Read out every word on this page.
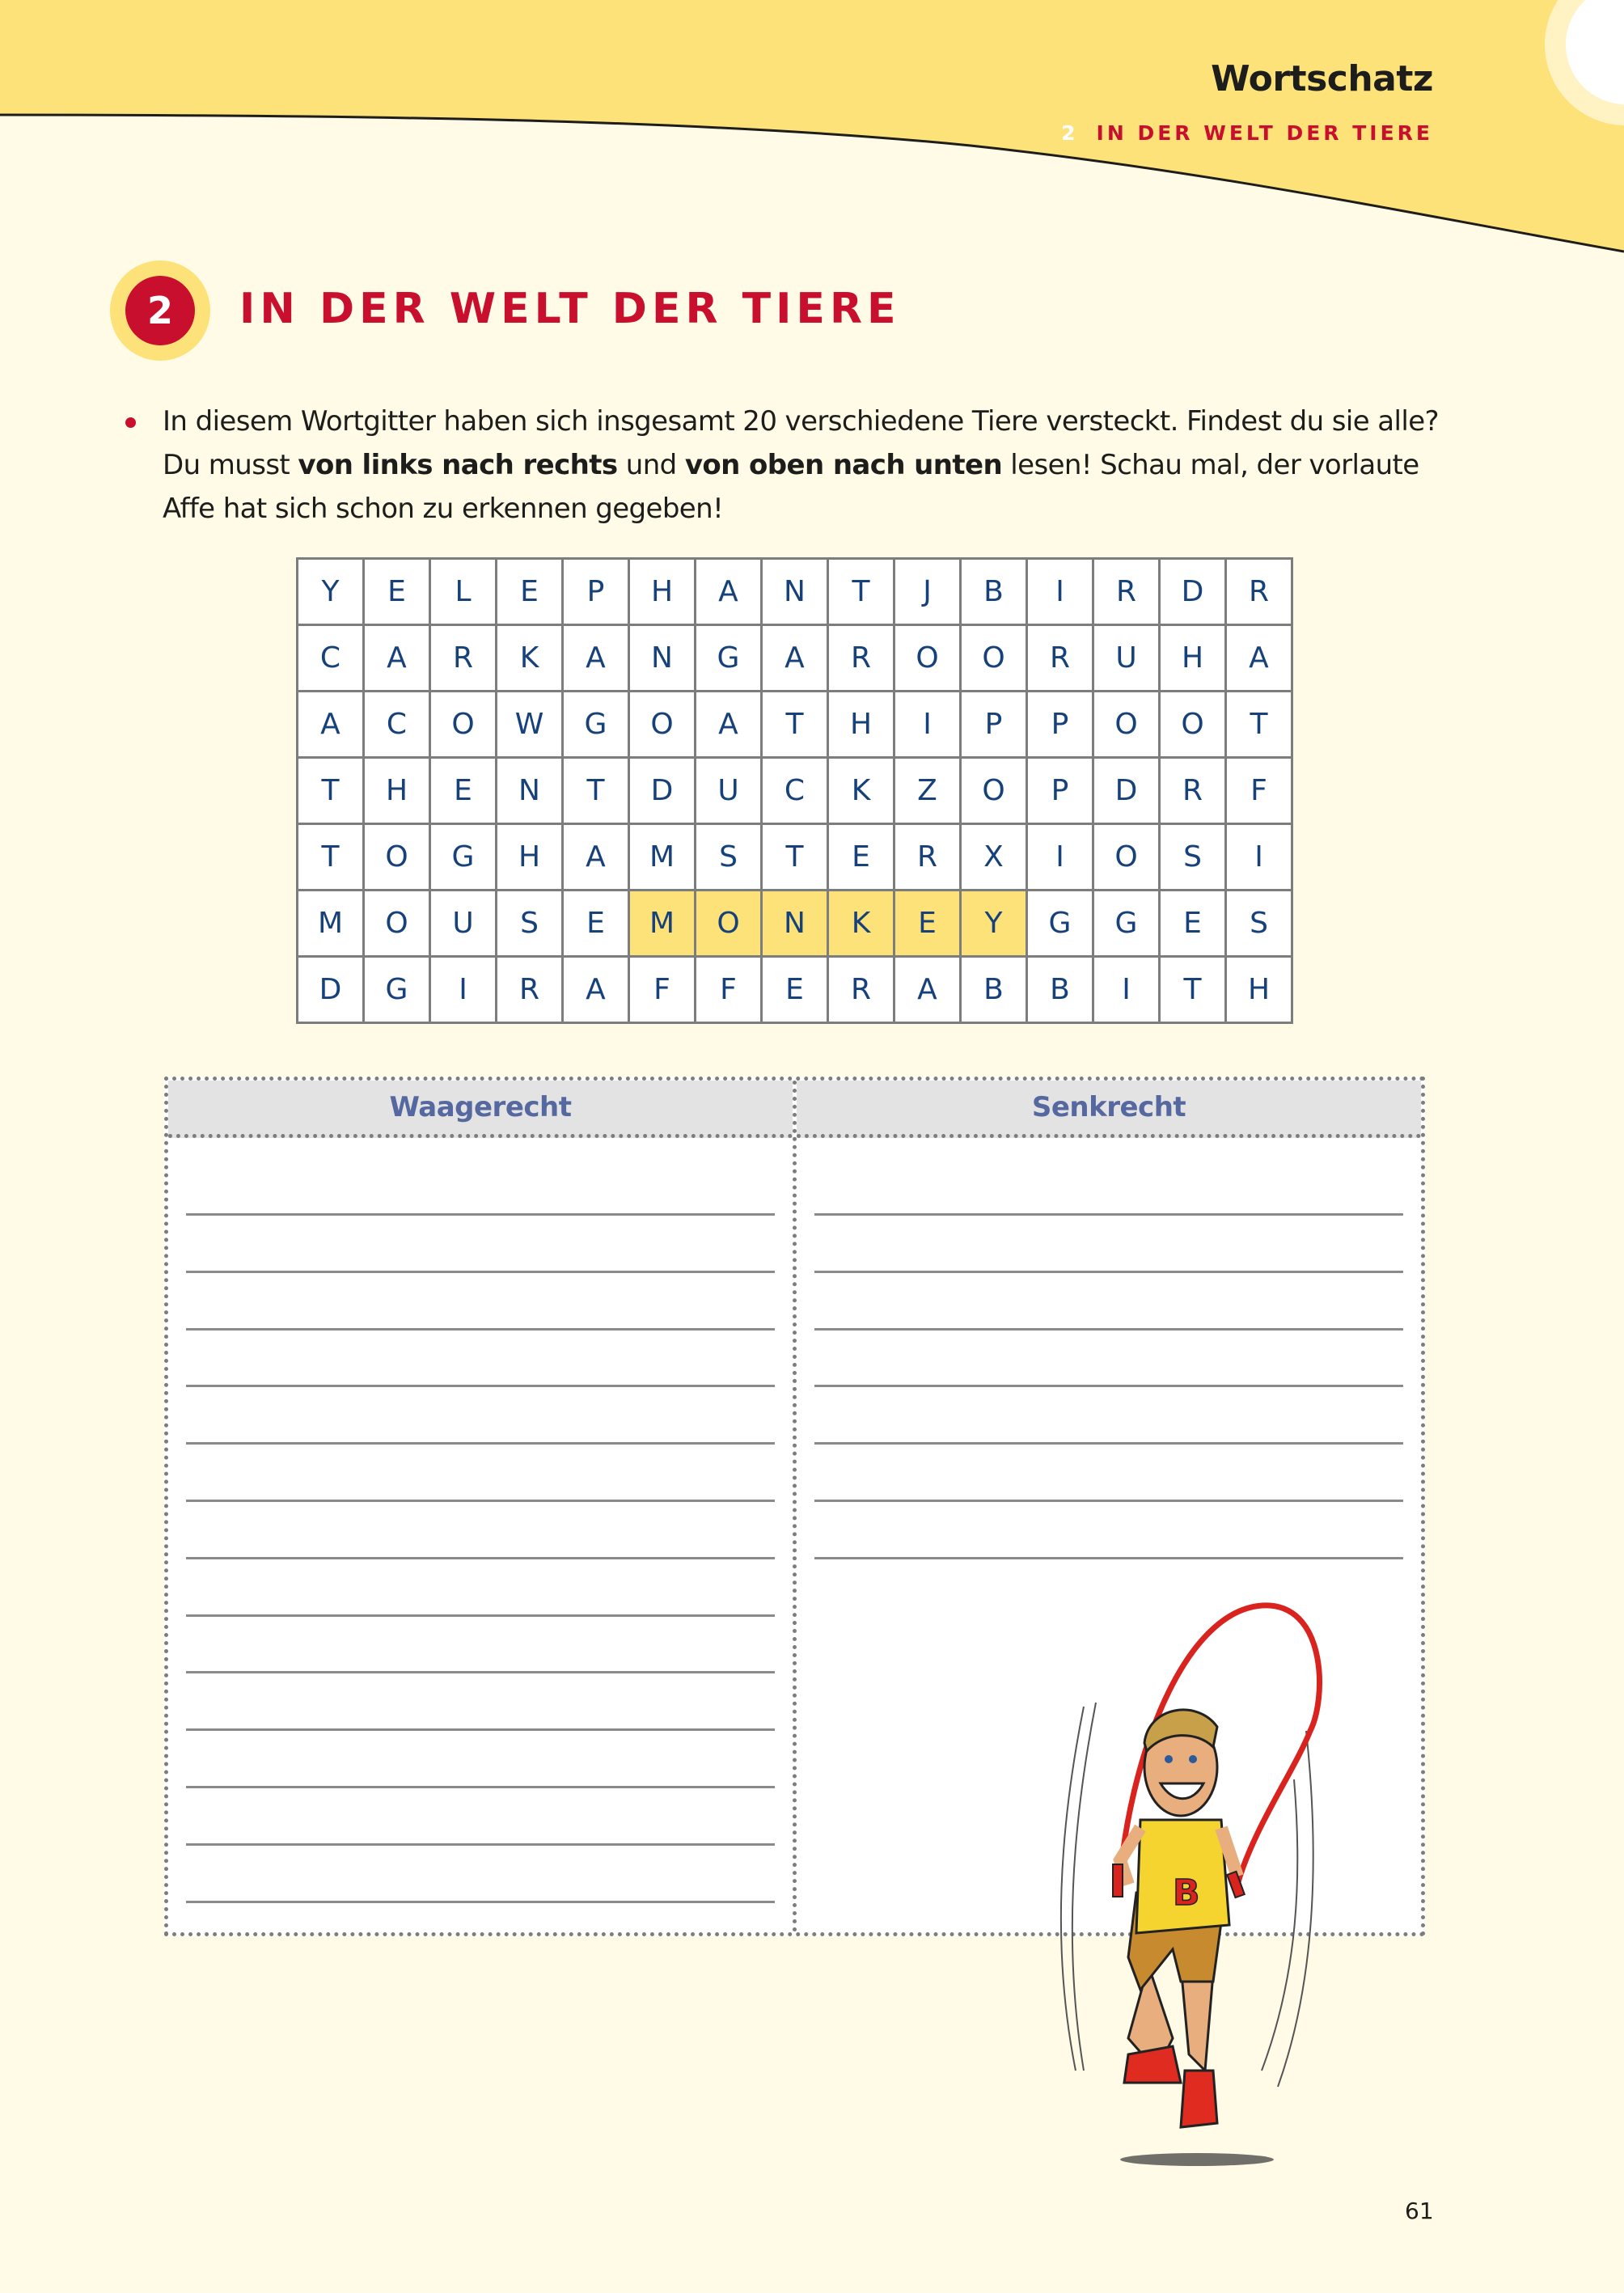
Wortschatz
2 IN DER WELT DER TIERE
2	IN DER WELT DER TIERE
In diesem Wortgitter haben sich insgesamt 20 verschiedene Tiere versteckt. Findest du sie alle? Du musst von links nach rechts und von oben nach unten lesen! Schau mal, der vorlaute Affe hat sich schon zu erkennen gegeben!
Y	E	L	E	P	H	A	N	T	J	B	I	R	D	R
C	A	R	K	A	N	G	A	R	O	O	R	U	H	A
A	C	O	W	G	O	A	T	H	I	P	P	O	O	T
T	H	E	N	T	D	U	C	K	Z	O	P	D	R	F
T	O	G	H	A	M	S	T	E	R	X	I	O	S	I
M	O	U	S	E	M	O	N	K	E	Y	G	G	E	S
D	G	I	R	A	F	F	E	R	A	B	B	I	T	H
Waagerecht	Senkrecht
B
61
